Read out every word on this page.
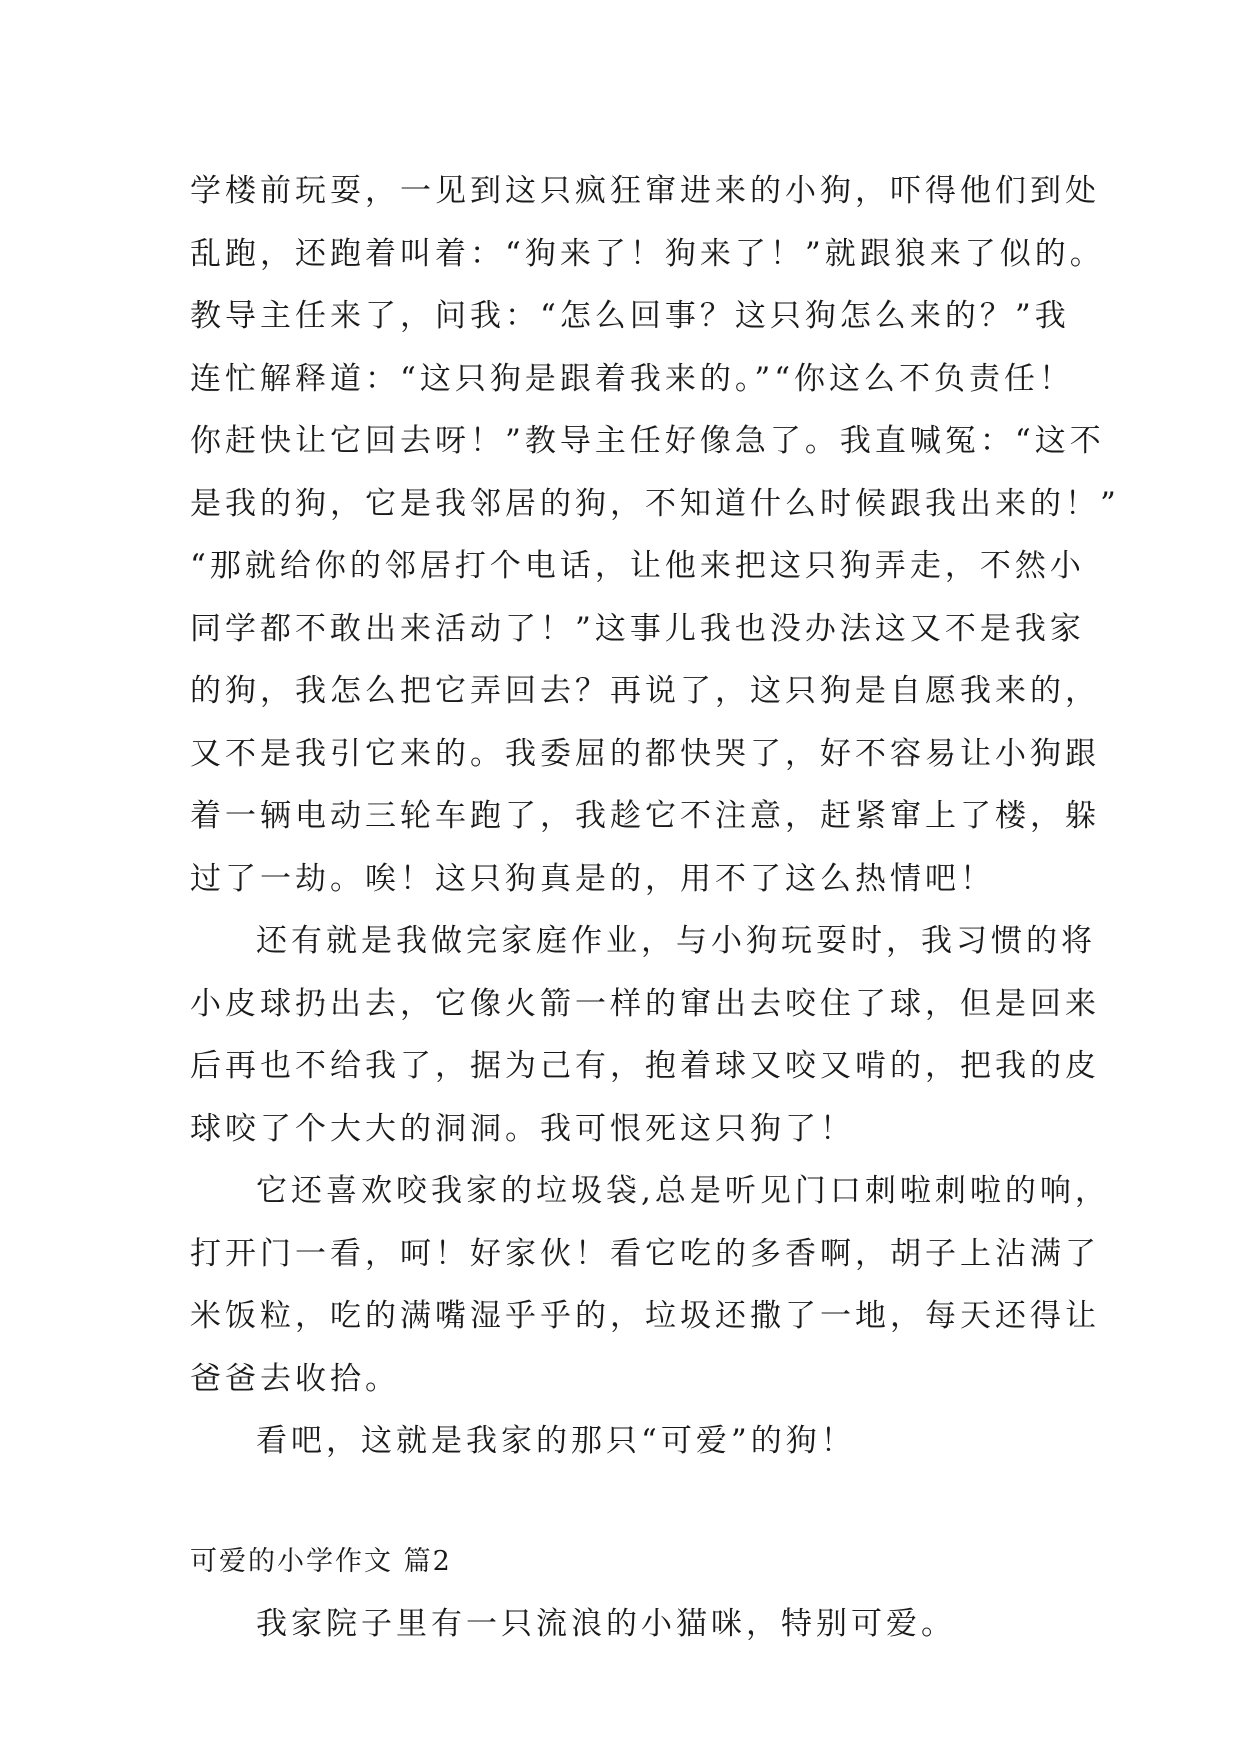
学楼前玩耍，一见到这只疯狂窜进来的小狗，吓得他们到处
乱跑，还跑着叫着：“狗来了！狗来了！”就跟狼来了似的。
教导主任来了，问我：“怎么回事？这只狗怎么来的？”我
连忙解释道：“这只狗是跟着我来的。”“你这么不负责任！
你赶快让它回去呀！”教导主任好像急了。我直喊冤：“这不
是我的狗，它是我邻居的狗，不知道什么时候跟我出来的！”
“那就给你的邻居打个电话，让他来把这只狗弄走，不然小
同学都不敢出来活动了！”这事儿我也没办法这又不是我家
的狗，我怎么把它弄回去？再说了，这只狗是自愿我来的，
又不是我引它来的。我委屈的都快哭了，好不容易让小狗跟
着一辆电动三轮车跑了，我趁它不注意，赶紧窜上了楼，躲
过了一劫。唉！这只狗真是的，用不了这么热情吧！
还有就是我做完家庭作业，与小狗玩耍时，我习惯的将
小皮球扔出去，它像火箭一样的窜出去咬住了球，但是回来
后再也不给我了，据为己有，抱着球又咬又啃的，把我的皮
球咬了个大大的洞洞。我可恨死这只狗了！
它还喜欢咬我家的垃圾袋,总是听见门口刺啦刺啦的响，
打开门一看，呵！好家伙！看它吃的多香啊，胡子上沾满了
米饭粒，吃的满嘴湿乎乎的，垃圾还撒了一地，每天还得让
爸爸去收拾。
看吧，这就是我家的那只“可爱”的狗！
可爱的小学作文 篇2
我家院子里有一只流浪的小猫咪，特别可爱。
